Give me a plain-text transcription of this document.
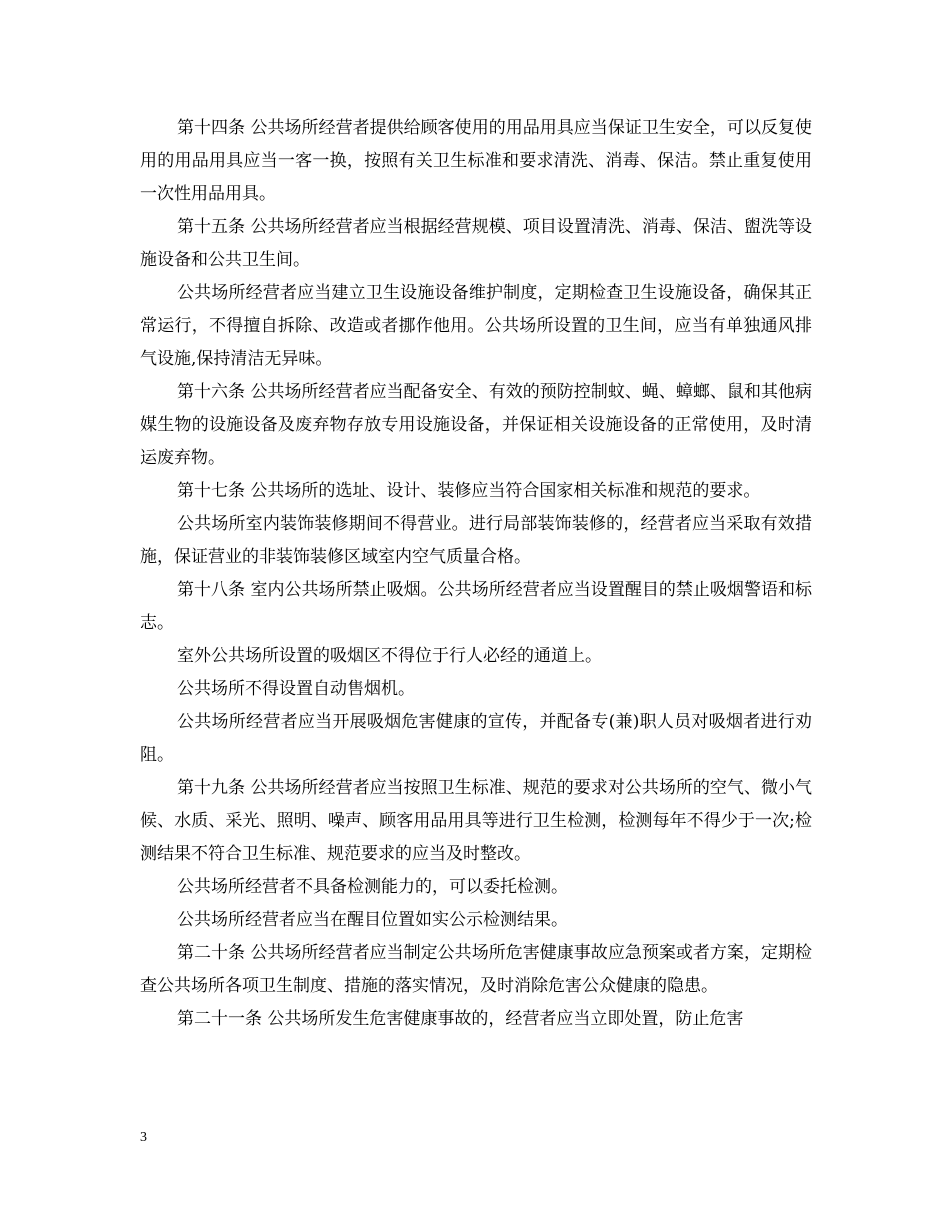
第十四条 公共场所经营者提供给顾客使用的用品用具应当保证卫生安全，可以反复使用的用品用具应当一客一换，按照有关卫生标准和要求清洗、消毒、保洁。禁止重复使用一次性用品用具。

第十五条 公共场所经营者应当根据经营规模、项目设置清洗、消毒、保洁、盥洗等设施设备和公共卫生间。

公共场所经营者应当建立卫生设施设备维护制度，定期检查卫生设施设备，确保其正常运行，不得擅自拆除、改造或者挪作他用。公共场所设置的卫生间，应当有单独通风排气设施,保持清洁无异味。

第十六条 公共场所经营者应当配备安全、有效的预防控制蚊、蝇、蟑螂、鼠和其他病媒生物的设施设备及废弃物存放专用设施设备，并保证相关设施设备的正常使用，及时清运废弃物。

第十七条 公共场所的选址、设计、装修应当符合国家相关标准和规范的要求。

公共场所室内装饰装修期间不得营业。进行局部装饰装修的，经营者应当采取有效措施，保证营业的非装饰装修区域室内空气质量合格。

第十八条 室内公共场所禁止吸烟。公共场所经营者应当设置醒目的禁止吸烟警语和标志。

室外公共场所设置的吸烟区不得位于行人必经的通道上。

公共场所不得设置自动售烟机。

公共场所经营者应当开展吸烟危害健康的宣传，并配备专(兼)职人员对吸烟者进行劝阻。

第十九条 公共场所经营者应当按照卫生标准、规范的要求对公共场所的空气、微小气候、水质、采光、照明、噪声、顾客用品用具等进行卫生检测，检测每年不得少于一次;检测结果不符合卫生标准、规范要求的应当及时整改。

公共场所经营者不具备检测能力的，可以委托检测。

公共场所经营者应当在醒目位置如实公示检测结果。

第二十条 公共场所经营者应当制定公共场所危害健康事故应急预案或者方案，定期检查公共场所各项卫生制度、措施的落实情况，及时消除危害公众健康的隐患。

第二十一条 公共场所发生危害健康事故的，经营者应当立即处置，防止危害

3
